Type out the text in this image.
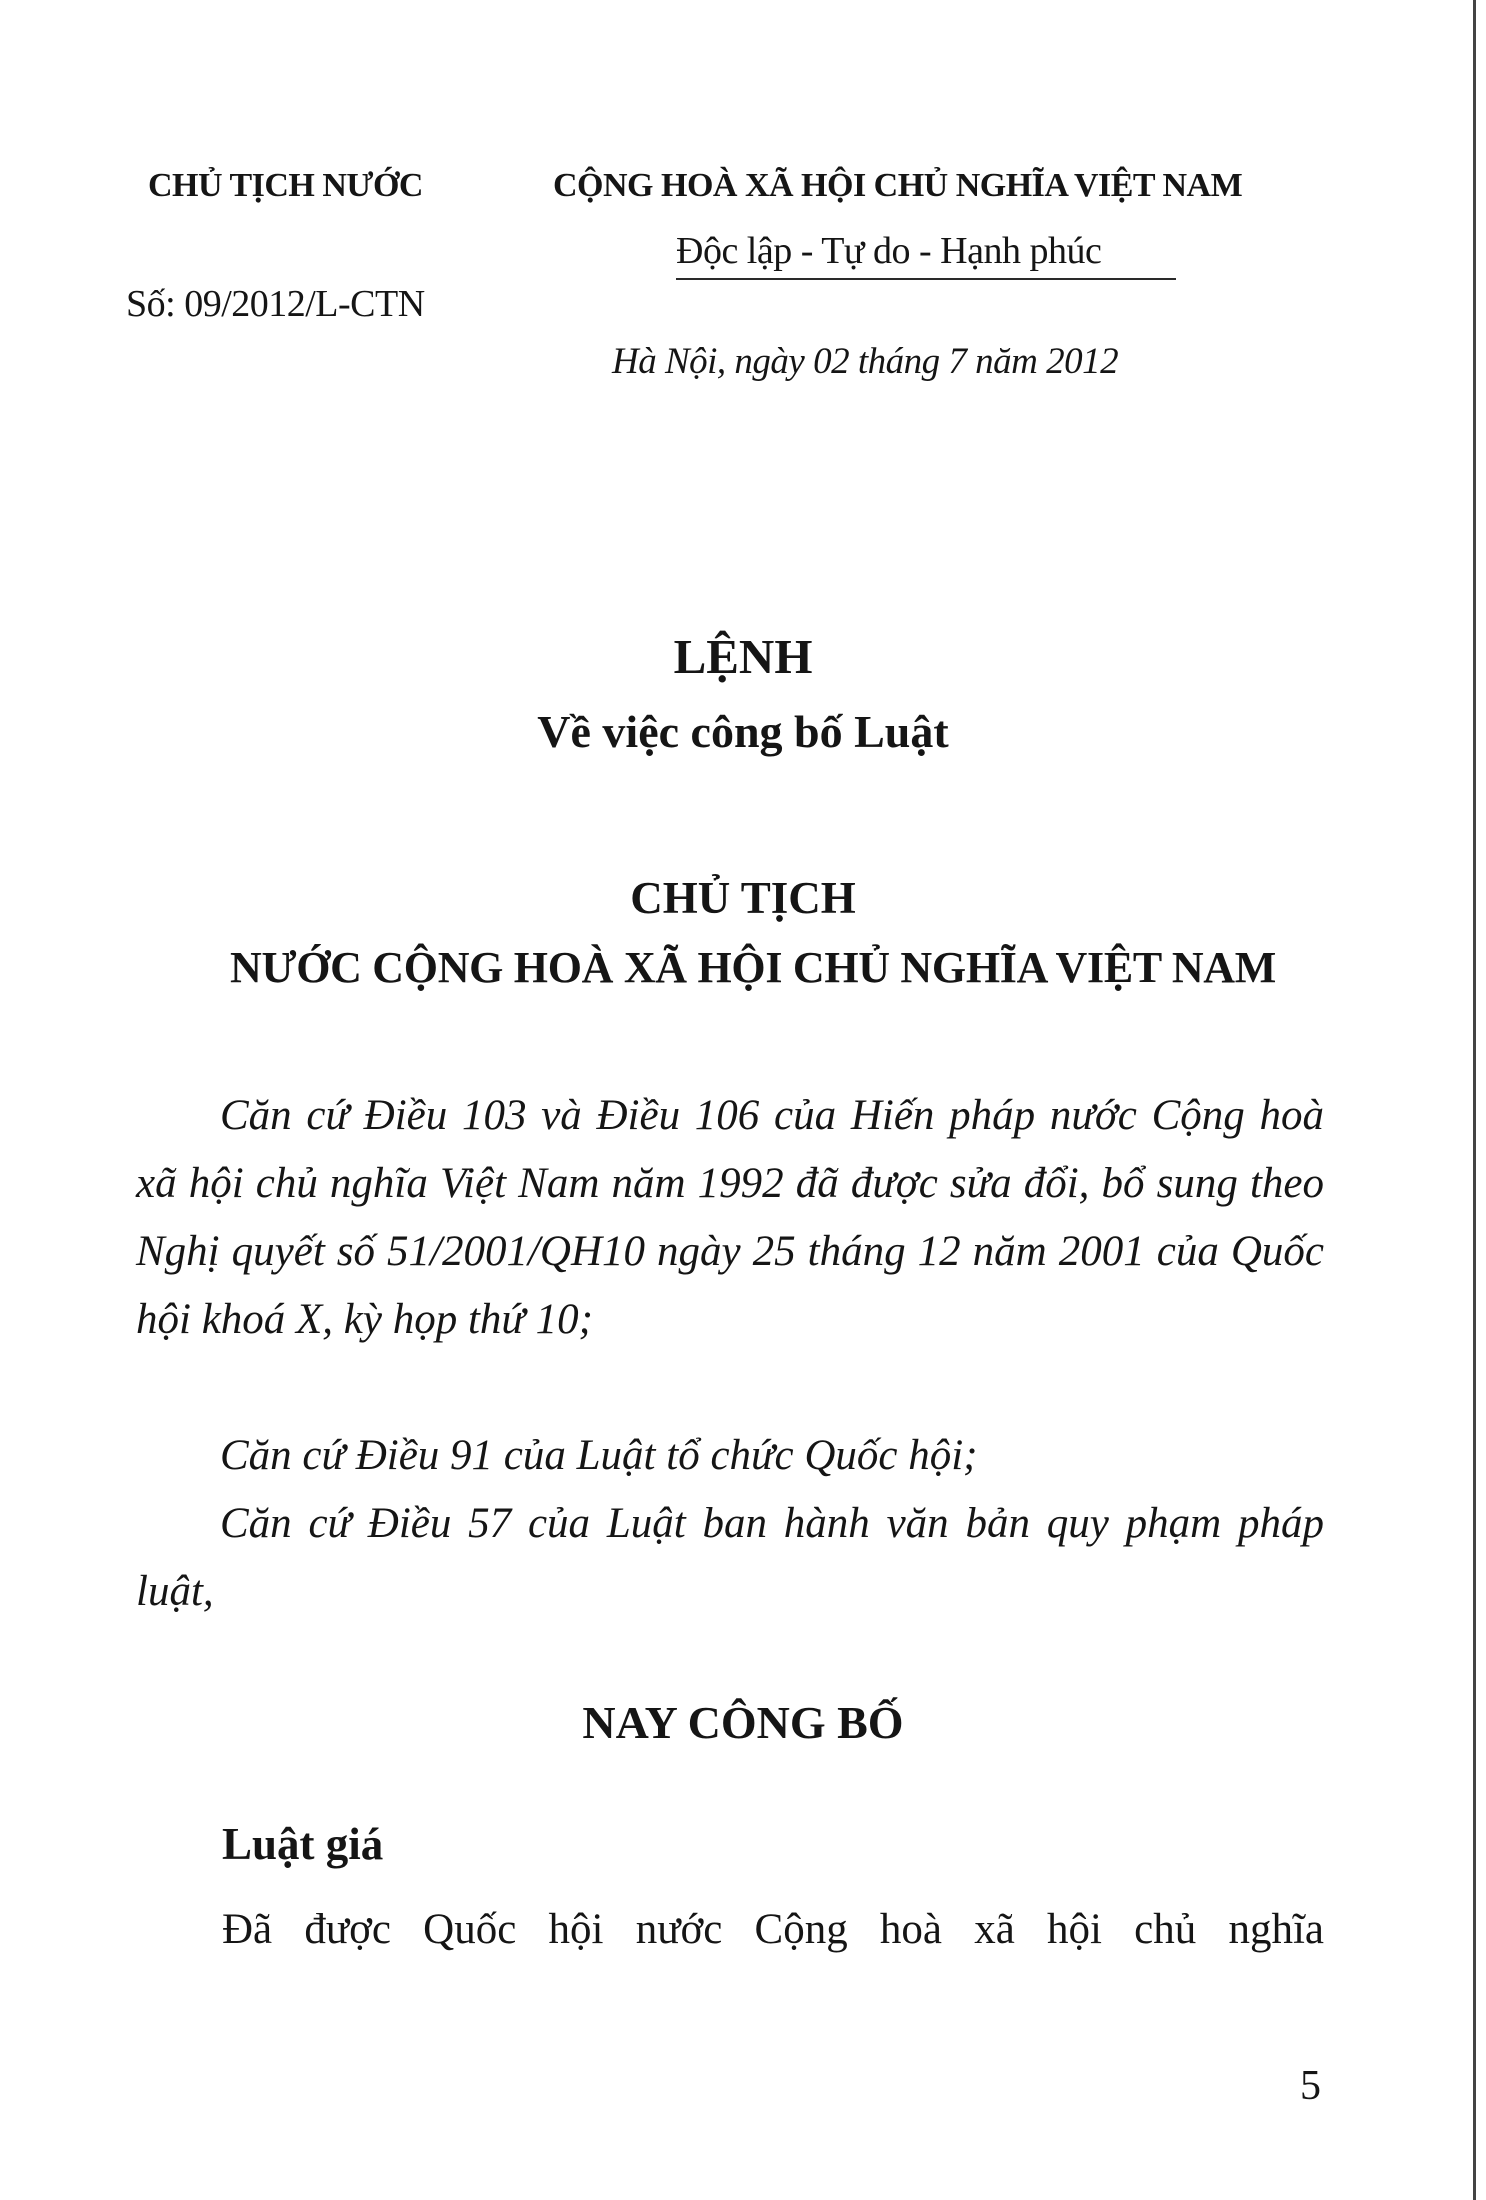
CHỦ TỊCH NƯỚC	CỘNG HOÀ XÃ HỘI CHỦ NGHĨA VIỆT NAM
Độc lập - Tự do - Hạnh phúc
Số: 09/2012/L-CTN
Hà Nội, ngày 02 tháng 7 năm 2012
LỆNH
Về việc công bố Luật
CHỦ TỊCH
NƯỚC CỘNG HOÀ XÃ HỘI CHỦ NGHĨA VIỆT NAM

Căn cứ Điều 103 và Điều 106 của Hiến pháp nước Cộng hoà xã hội chủ nghĩa Việt Nam năm 1992 đã được sửa đổi, bổ sung theo Nghị quyết số 51/2001/QH10 ngày 25 tháng 12 năm 2001 của Quốc hội khoá X, kỳ họp thứ 10;

Căn cứ Điều 91 của Luật tổ chức Quốc hội;

Căn cứ Điều 57 của Luật ban hành văn bản quy phạm pháp luật,

NAY CÔNG BỐ
Luật giá
Đã được Quốc hội nước Cộng hoà xã hội chủ nghĩa
5
